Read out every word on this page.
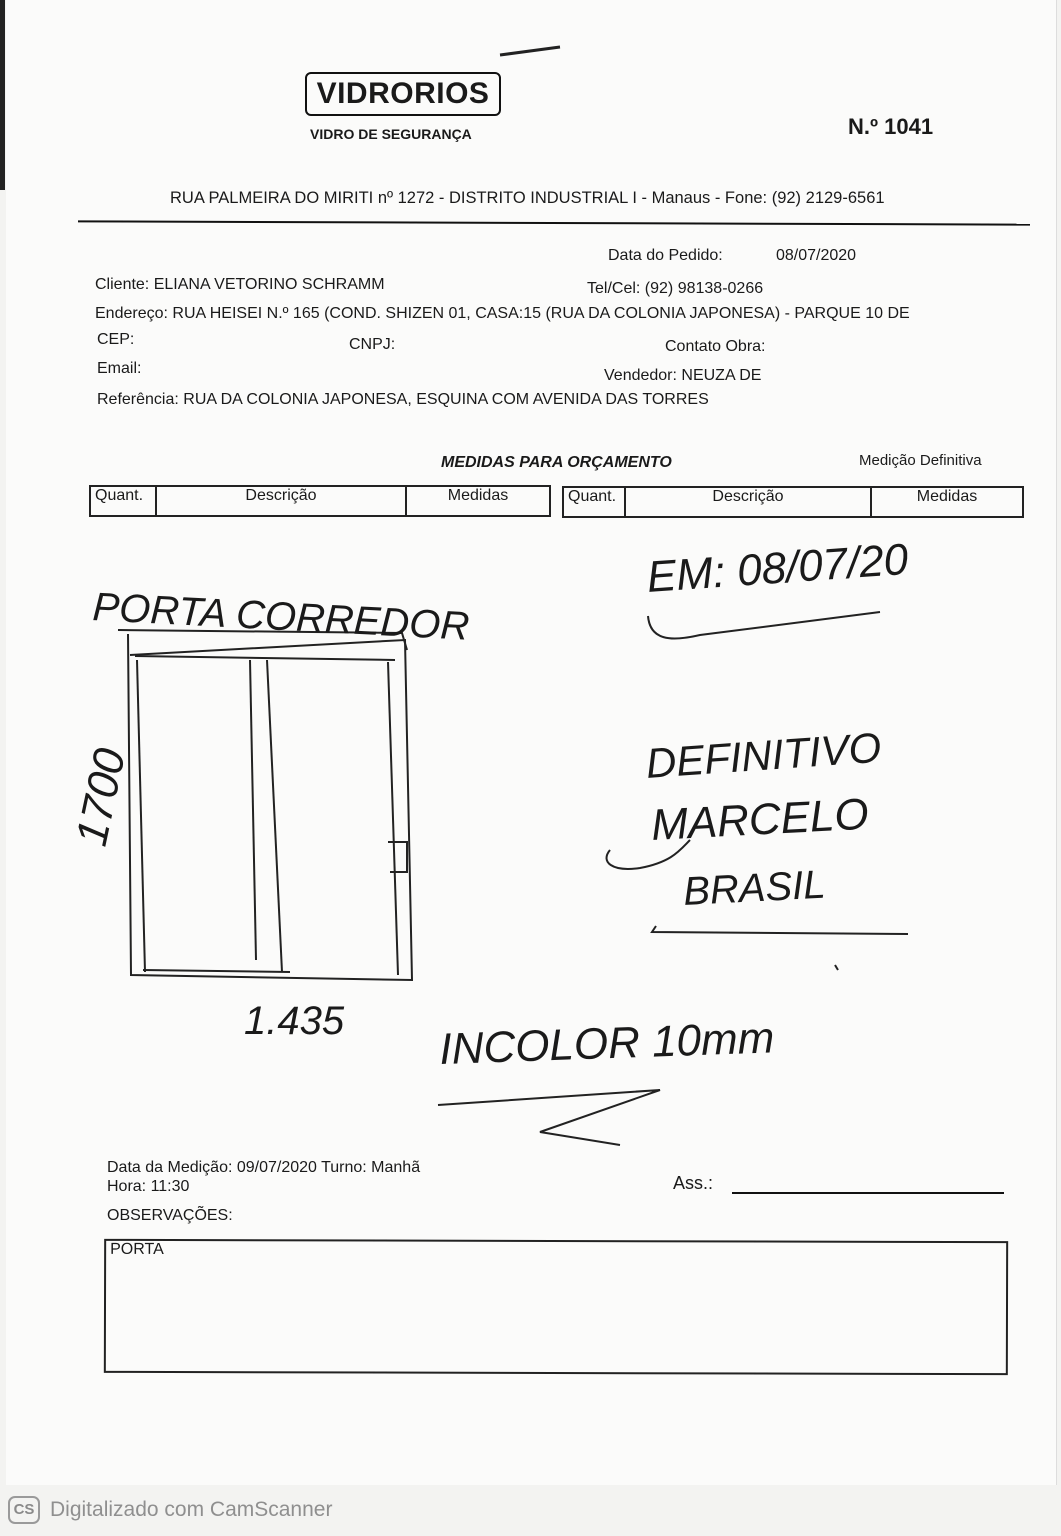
VIDRORIOS
VIDRO DE SEGURANÇA	N.º 1041
RUA PALMEIRA DO MIRITI nº 1272 - DISTRITO INDUSTRIAL I - Manaus - Fone: (92) 2129-6561
Data do Pedido:	08/07/2020
Cliente: ELIANA VETORINO SCHRAMM	Tel/Cel: (92) 98138-0266
Endereço: RUA HEISEI N.º 165 (COND. SHIZEN 01, CASA:15 (RUA DA COLONIA JAPONESA) - PARQUE 10 DE
CEP:	CNPJ:	Contato Obra:
Email:	Vendedor: NEUZA DE
Referência: RUA DA COLONIA JAPONESA, ESQUINA COM AVENIDA DAS TORRES
MEDIDAS PARA ORÇAMENTO	Medição Definitiva
Quant.	Descrição	Medidas	Quant.	Descrição	Medidas
PORTA CORREDOR
1700
1.435
EM: 08/07/20
DEFINITIVO
MARCELO
BRASIL
INCOLOR 10mm
Data da Medição: 09/07/2020 Turno: Manhã
Hora: 11:30	Ass.:
OBSERVAÇÕES:
PORTA
CS Digitalizado com CamScanner
